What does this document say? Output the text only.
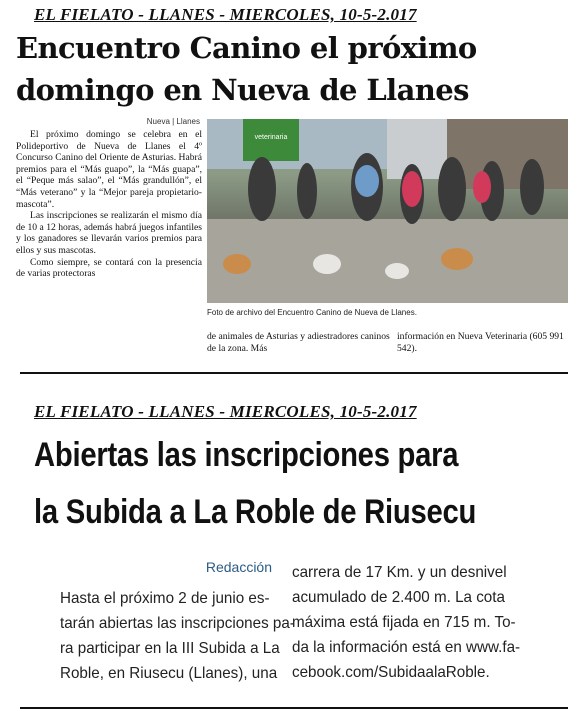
EL FIELATO - LLANES - MIERCOLES, 10-5-2.017
Encuentro Canino el próximo
domingo en Nueva de Llanes
Nueva | Llanes

El próximo domingo se celebra en el Polideportivo de Nueva de Llanes el 4º Concurso Canino del Oriente de Asturias. Habrá premios para el “Más guapo”, la “Más guapa”, el “Peque más salao”, el “Más grandullón”, el “Más veterano” y la “Mejor pareja propietario-mascota”.

Las inscripciones se realizarán el mismo día de 10 a 12 horas, además habrá juegos infantiles y los ganadores se llevarán varios premios para ellos y sus mascotas.

Como siempre, se contará con la presencia de varias protectoras

veterinaria
Foto de archivo del Encuentro Canino de Nueva de Llanes.
de animales de Asturias y adiestradores caninos de la zona. Más
información en Nueva Veterinaria (605 991 542).
EL FIELATO - LLANES - MIERCOLES, 10-5-2.017
Abiertas las inscripciones para
la Subida a La Roble de Riusecu
Redacción
Hasta el próximo 2 de junio es-
tarán abiertas las inscripciones pa-
ra participar en la III Subida a La
Roble, en Riusecu (Llanes), una
carrera de 17 Km. y un desnivel
acumulado de 2.400 m. La cota
máxima está fijada en 715 m. To-
da la información está en www.fa-
cebook.com/SubidaalaRoble.
